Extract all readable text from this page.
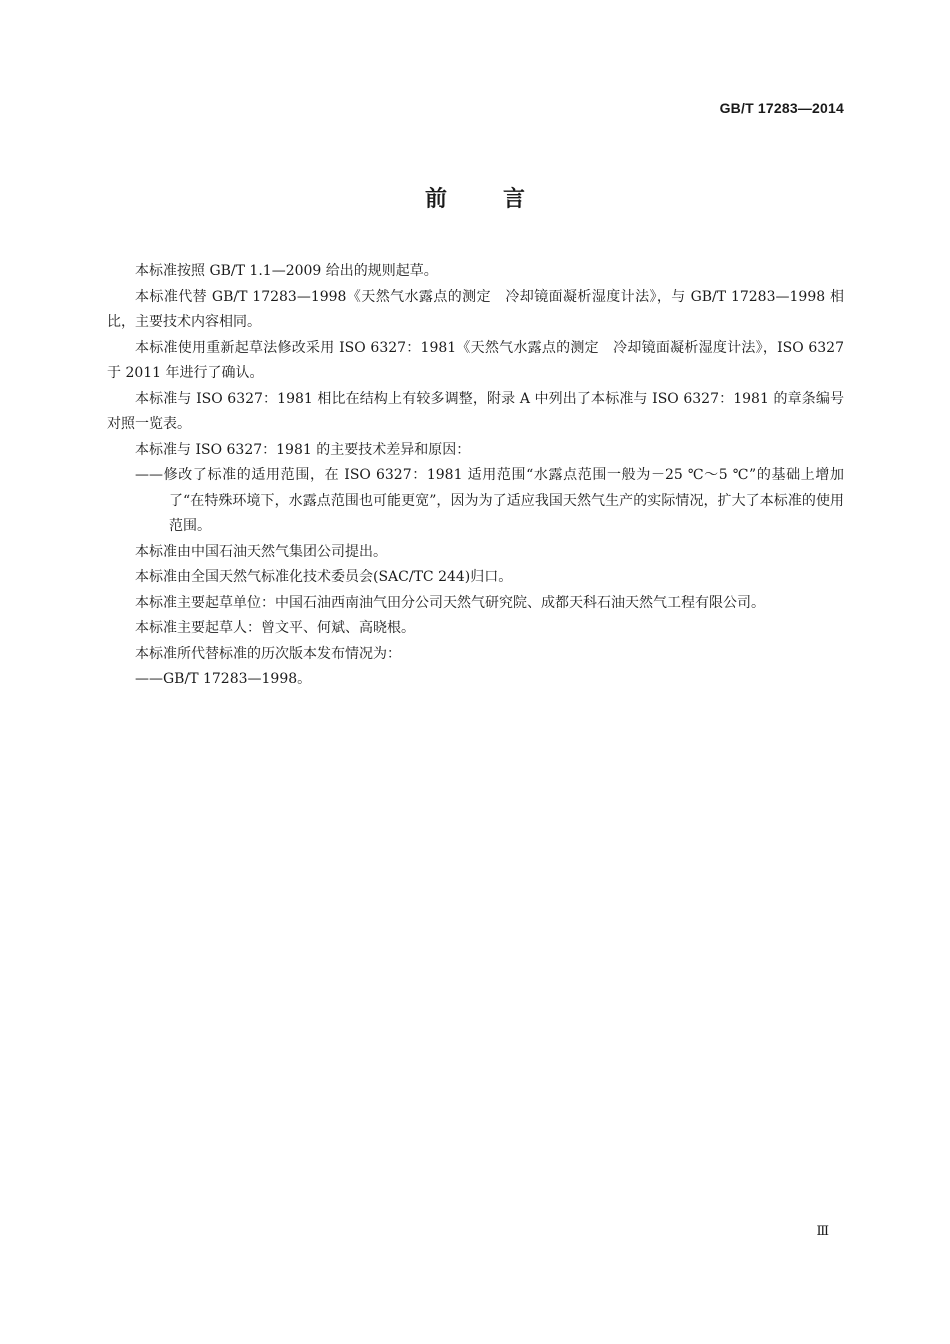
GB/T 17283—2014
前言

本标准按照 GB/T 1.1—2009 给出的规则起草。

本标准代替 GB/T 17283—1998《天然气水露点的测定　冷却镜面凝析湿度计法》，与 GB/T 17283—1998 相比，主要技术内容相同。

本标准使用重新起草法修改采用 ISO 6327：1981《天然气水露点的测定　冷却镜面凝析湿度计法》，ISO 6327 于 2011 年进行了确认。

本标准与 ISO 6327：1981 相比在结构上有较多调整，附录 A 中列出了本标准与 ISO 6327：1981 的章条编号对照一览表。

本标准与 ISO 6327：1981 的主要技术差异和原因：

——修改了标准的适用范围，在 ISO 6327：1981 适用范围“水露点范围一般为－25 ℃～5 ℃”的基础上增加了“在特殊环境下，水露点范围也可能更宽”，因为为了适应我国天然气生产的实际情况，扩大了本标准的使用范围。

本标准由中国石油天然气集团公司提出。

本标准由全国天然气标准化技术委员会(SAC/TC 244)归口。

本标准主要起草单位：中国石油西南油气田分公司天然气研究院、成都天科石油天然气工程有限公司。

本标准主要起草人：曾文平、何斌、高晓根。

本标准所代替标准的历次版本发布情况为：

——GB/T 17283—1998。

Ⅲ
